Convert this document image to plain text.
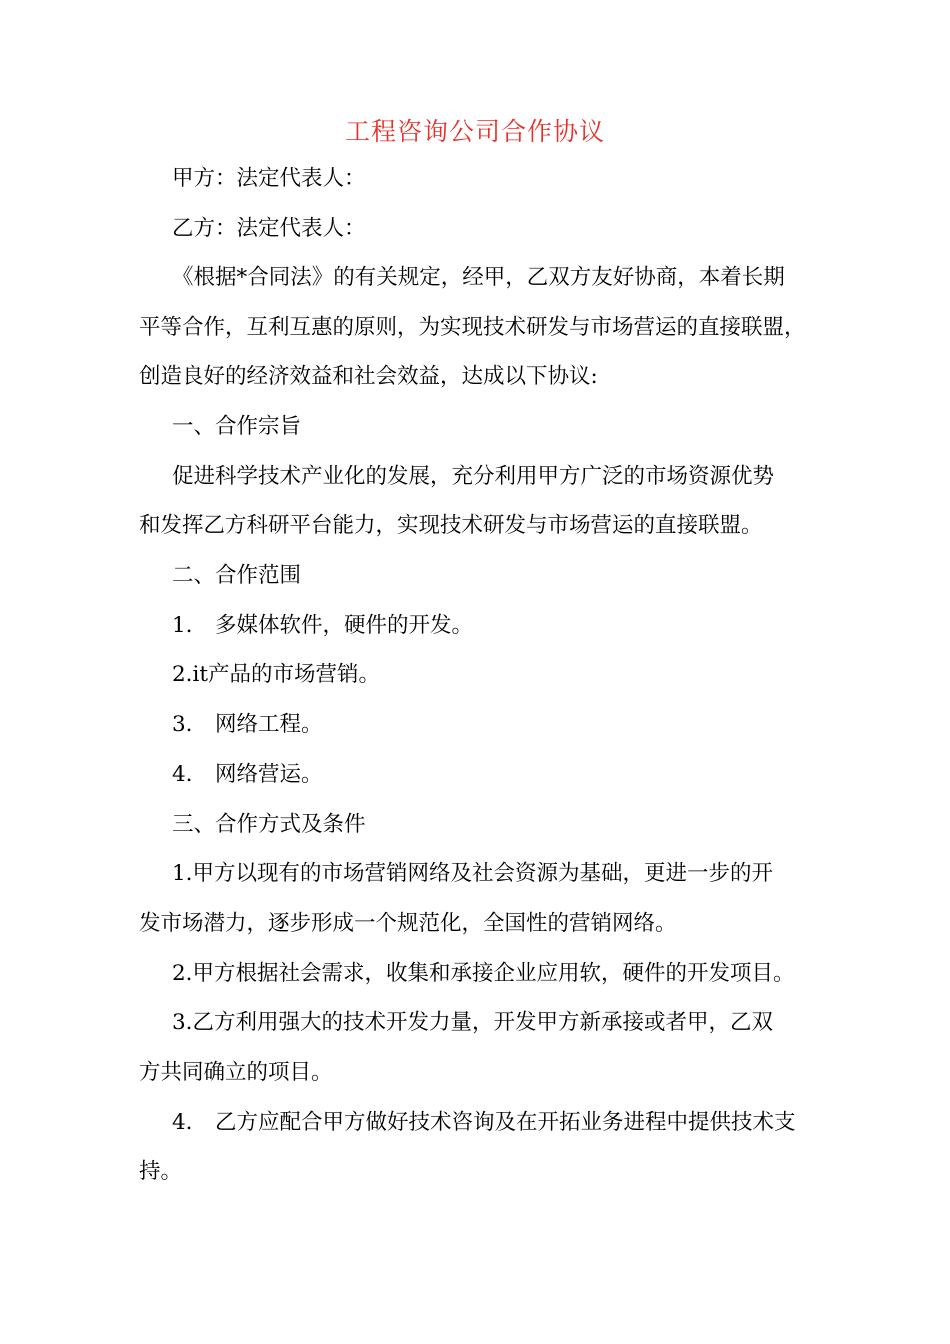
工程咨询公司合作协议

甲方：法定代表人：

乙方：法定代表人：

《根据*合同法》的有关规定，经甲，乙双方友好协商，本着长期

平等合作，互利互惠的原则，为实现技术研发与市场营运的直接联盟，

创造良好的经济效益和社会效益，达成以下协议:

一、合作宗旨

促进科学技术产业化的发展，充分利用甲方广泛的市场资源优势

和发挥乙方科研平台能力，实现技术研发与市场营运的直接联盟。

二、合作范围

1. 多媒体软件，硬件的开发。

2.it产品的市场营销。

3. 网络工程。

4. 网络营运。

三、合作方式及条件

1.甲方以现有的市场营销网络及社会资源为基础，更进一步的开

发市场潜力，逐步形成一个规范化，全国性的营销网络。

2.甲方根据社会需求，收集和承接企业应用软，硬件的开发项目。

3.乙方利用强大的技术开发力量，开发甲方新承接或者甲，乙双

方共同确立的项目。

4. 乙方应配合甲方做好技术咨询及在开拓业务进程中提供技术支

持。
